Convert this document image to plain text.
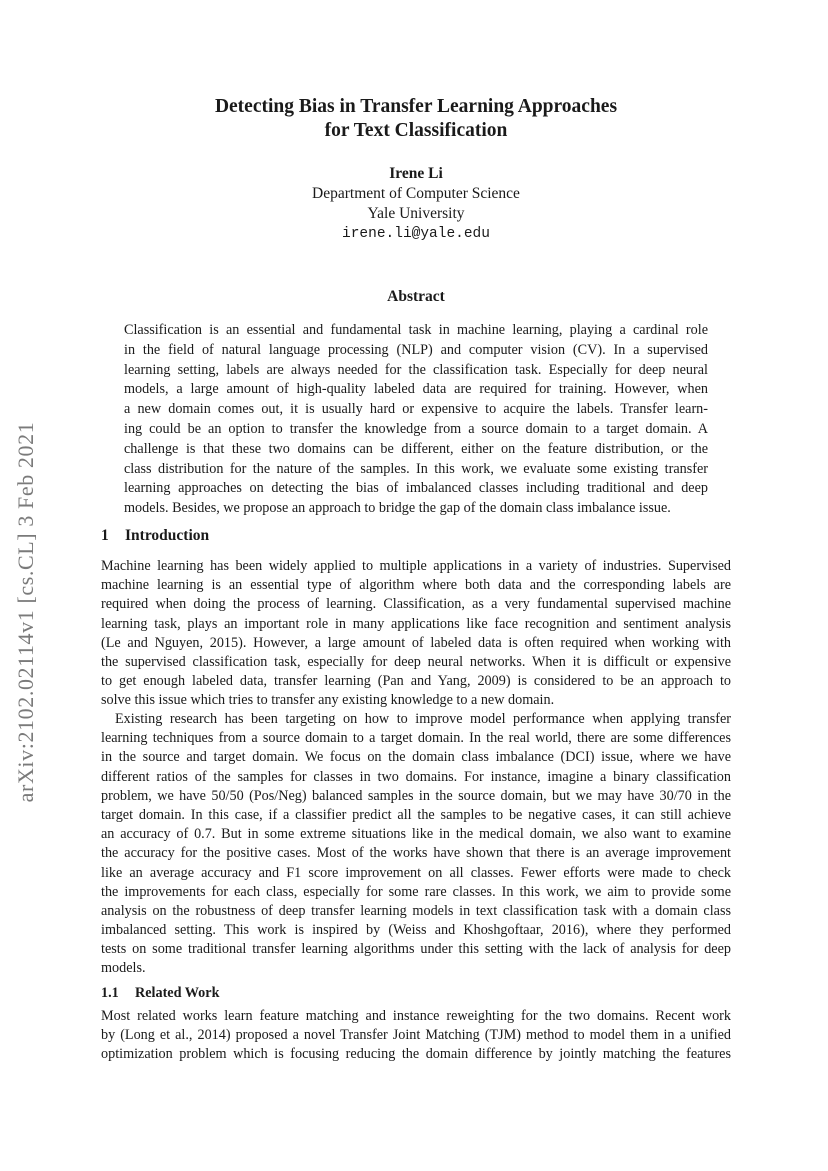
arXiv:2102.02114v1 [cs.CL] 3 Feb 2021
Detecting Bias in Transfer Learning Approaches
for Text Classification
Irene Li
Department of Computer Science
Yale University
irene.li@yale.edu
Abstract
Classification is an essential and fundamental task in machine learning, playing a cardinal role
in the field of natural language processing (NLP) and computer vision (CV). In a supervised
learning setting, labels are always needed for the classification task. Especially for deep neural
models, a large amount of high-quality labeled data are required for training. However, when
a new domain comes out, it is usually hard or expensive to acquire the labels. Transfer learn-
ing could be an option to transfer the knowledge from a source domain to a target domain. A
challenge is that these two domains can be different, either on the feature distribution, or the
class distribution for the nature of the samples. In this work, we evaluate some existing transfer
learning approaches on detecting the bias of imbalanced classes including traditional and deep
models. Besides, we propose an approach to bridge the gap of the domain class imbalance issue.
1 Introduction
Machine learning has been widely applied to multiple applications in a variety of industries. Supervised
machine learning is an essential type of algorithm where both data and the corresponding labels are
required when doing the process of learning. Classification, as a very fundamental supervised machine
learning task, plays an important role in many applications like face recognition and sentiment analysis
(Le and Nguyen, 2015). However, a large amount of labeled data is often required when working with
the supervised classification task, especially for deep neural networks. When it is difficult or expensive
to get enough labeled data, transfer learning (Pan and Yang, 2009) is considered to be an approach to
solve this issue which tries to transfer any existing knowledge to a new domain.
Existing research has been targeting on how to improve model performance when applying transfer
learning techniques from a source domain to a target domain. In the real world, there are some differences
in the source and target domain. We focus on the domain class imbalance (DCI) issue, where we have
different ratios of the samples for classes in two domains. For instance, imagine a binary classification
problem, we have 50/50 (Pos/Neg) balanced samples in the source domain, but we may have 30/70 in the
target domain. In this case, if a classifier predict all the samples to be negative cases, it can still achieve
an accuracy of 0.7. But in some extreme situations like in the medical domain, we also want to examine
the accuracy for the positive cases. Most of the works have shown that there is an average improvement
like an average accuracy and F1 score improvement on all classes. Fewer efforts were made to check
the improvements for each class, especially for some rare classes. In this work, we aim to provide some
analysis on the robustness of deep transfer learning models in text classification task with a domain class
imbalanced setting. This work is inspired by (Weiss and Khoshgoftaar, 2016), where they performed
tests on some traditional transfer learning algorithms under this setting with the lack of analysis for deep
models.
1.1 Related Work
Most related works learn feature matching and instance reweighting for the two domains. Recent work
by (Long et al., 2014) proposed a novel Transfer Joint Matching (TJM) method to model them in a unified
optimization problem which is focusing reducing the domain difference by jointly matching the features
